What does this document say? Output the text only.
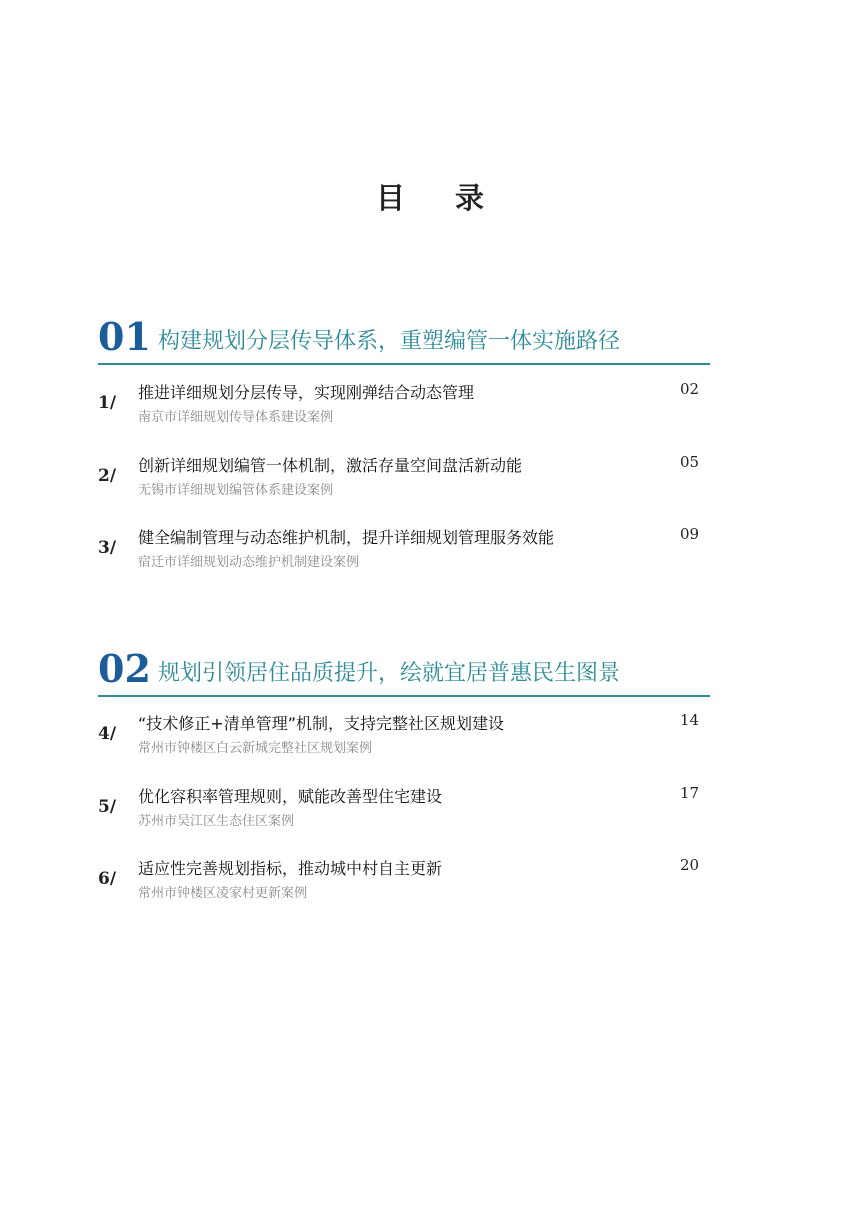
目 录
01 构建规划分层传导体系，重塑编管一体实施路径
1/
推进详细规划分层传导，实现刚弹结合动态管理
南京市详细规划传导体系建设案例
02
2/
创新详细规划编管一体机制，激活存量空间盘活新动能
无锡市详细规划编管体系建设案例
05
3/
健全编制管理与动态维护机制，提升详细规划管理服务效能
宿迁市详细规划动态维护机制建设案例
09
02 规划引领居住品质提升，绘就宜居普惠民生图景
4/
“技术修正+清单管理”机制，支持完整社区规划建设
常州市钟楼区白云新城完整社区规划案例
14
5/
优化容积率管理规则，赋能改善型住宅建设
苏州市吴江区生态住区案例
17
6/
适应性完善规划指标，推动城中村自主更新
常州市钟楼区凌家村更新案例
20
